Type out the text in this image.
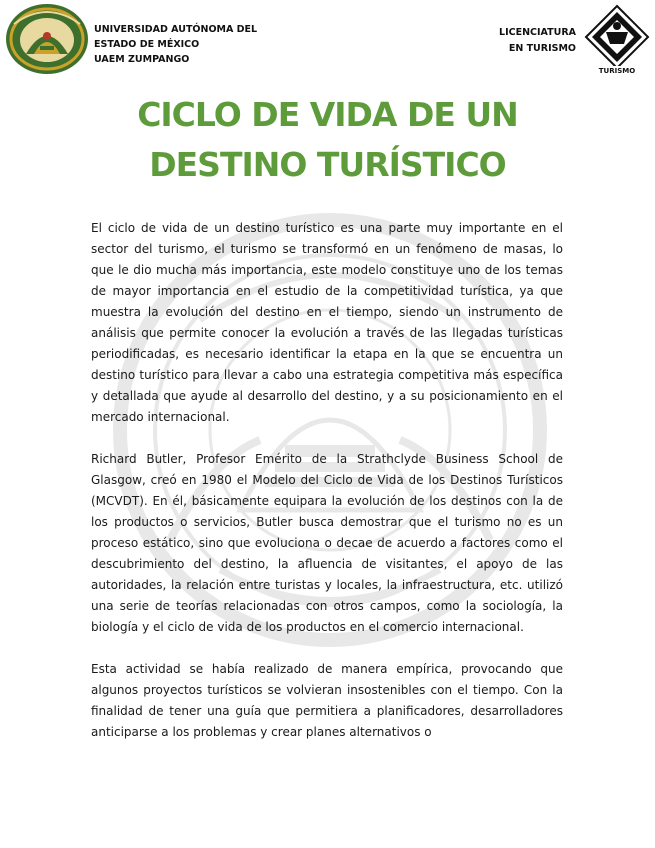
UNIVERSIDAD AUTÓNOMA DEL
ESTADO DE MÉXICO
UAEM ZUMPANGO
LICENCIATURA
EN TURISMO
TURISMO
CICLO DE VIDA DE UN DESTINO TURÍSTICO

El ciclo de vida de un destino turístico es una parte muy importante en el sector del turismo, el turismo se transformó en un fenómeno de masas, lo que le dio mucha más importancia, este modelo constituye uno de los temas de mayor importancia en el estudio de la competitividad turística, ya que muestra la evolución del destino en el tiempo, siendo un instrumento de análisis que permite conocer la evolución a través de las llegadas turísticas periodificadas, es necesario identificar la etapa en la que se encuentra un destino turístico para llevar a cabo una estrategia competitiva más específica y detallada que ayude al desarrollo del destino, y a su posicionamiento en el mercado internacional.

Richard Butler, Profesor Emérito de la Strathclyde Business School de Glasgow, creó en 1980 el Modelo del Ciclo de Vida de los Destinos Turísticos (MCVDT). En él, básicamente equipara la evolución de los destinos con la de los productos o servicios, Butler busca demostrar que el turismo no es un proceso estático, sino que evoluciona o decae de acuerdo a factores como el descubrimiento del destino, la afluencia de visitantes, el apoyo de las autoridades, la relación entre turistas y locales, la infraestructura, etc. utilizó una serie de teorías relacionadas con otros campos, como la sociología, la biología y el ciclo de vida de los productos en el comercio internacional.

Esta actividad se había realizado de manera empírica, provocando que algunos proyectos turísticos se volvieran insostenibles con el tiempo. Con la finalidad de tener una guía que permitiera a planificadores, desarrolladores anticiparse a los problemas y crear planes alternativos o
